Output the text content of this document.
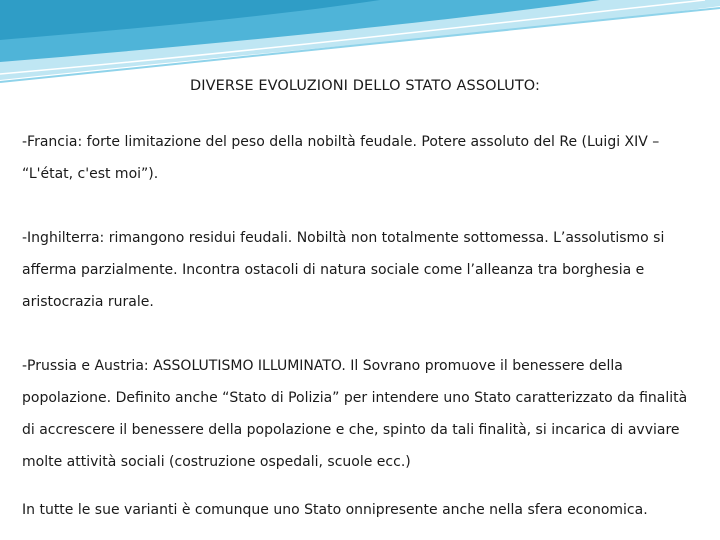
DIVERSE EVOLUZIONI DELLO STATO ASSOLUTO:

-Francia: forte limitazione del peso della nobiltà feudale. Potere assoluto del Re (Luigi XIV – “L'état, c'est moi”).

-Inghilterra: rimangono residui feudali. Nobiltà non totalmente sottomessa. L’assolutismo si afferma parzialmente. Incontra ostacoli di natura sociale come l’alleanza tra borghesia e aristocrazia rurale.

-Prussia e Austria: ASSOLUTISMO ILLUMINATO. Il Sovrano promuove il benessere della popolazione. Definito anche “Stato di Polizia” per intendere uno Stato caratterizzato da finalità di accrescere il benessere della popolazione e che, spinto da tali finalità, si incarica di avviare molte attività sociali (costruzione ospedali, scuole ecc.)

In tutte le sue varianti è comunque uno Stato onnipresente anche nella sfera economica.
